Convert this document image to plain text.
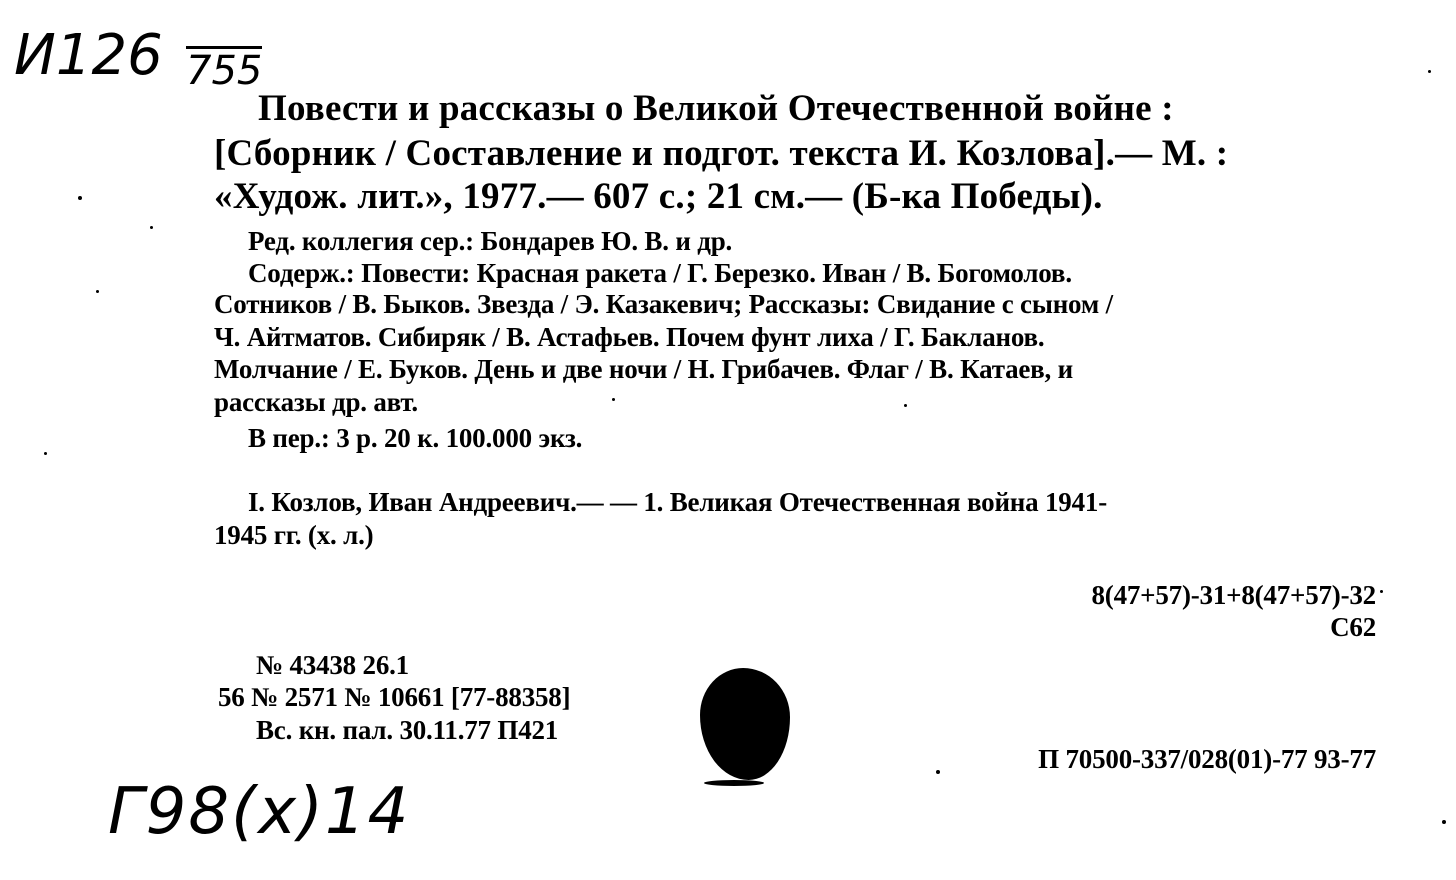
И126 755
Повести и рассказы о Великой Отечественной войне :
[Сборник / Составление и подгот. текста И. Козлова].— М. :
«Худож. лит.», 1977.— 607 с.; 21 см.— (Б-ка Победы).
Ред. коллегия сер.: Бондарев Ю. В. и др.
Содерж.: Повести: Красная ракета / Г. Березко. Иван / В. Богомолов.
Сотников / В. Быков. Звезда / Э. Казакевич; Рассказы: Свидание с сыном /
Ч. Айтматов. Сибиряк / В. Астафьев. Почем фунт лиха / Г. Бакланов.
Молчание / Е. Буков. День и две ночи / Н. Грибачев. Флаг / В. Катаев, и
рассказы др. авт.
В пер.: 3 р. 20 к. 100.000 экз.
I. Козлов, Иван Андреевич.— — 1. Великая Отечественная война 1941-
1945 гг. (х. л.)
8(47+57)-31+8(47+57)-32
С62
№ 43438 26.1
56 № 2571 № 10661 [77-88358]
Вс. кн. пал. 30.11.77 П421
П 70500-337/028(01)-77 93-77
Г98(х)14
